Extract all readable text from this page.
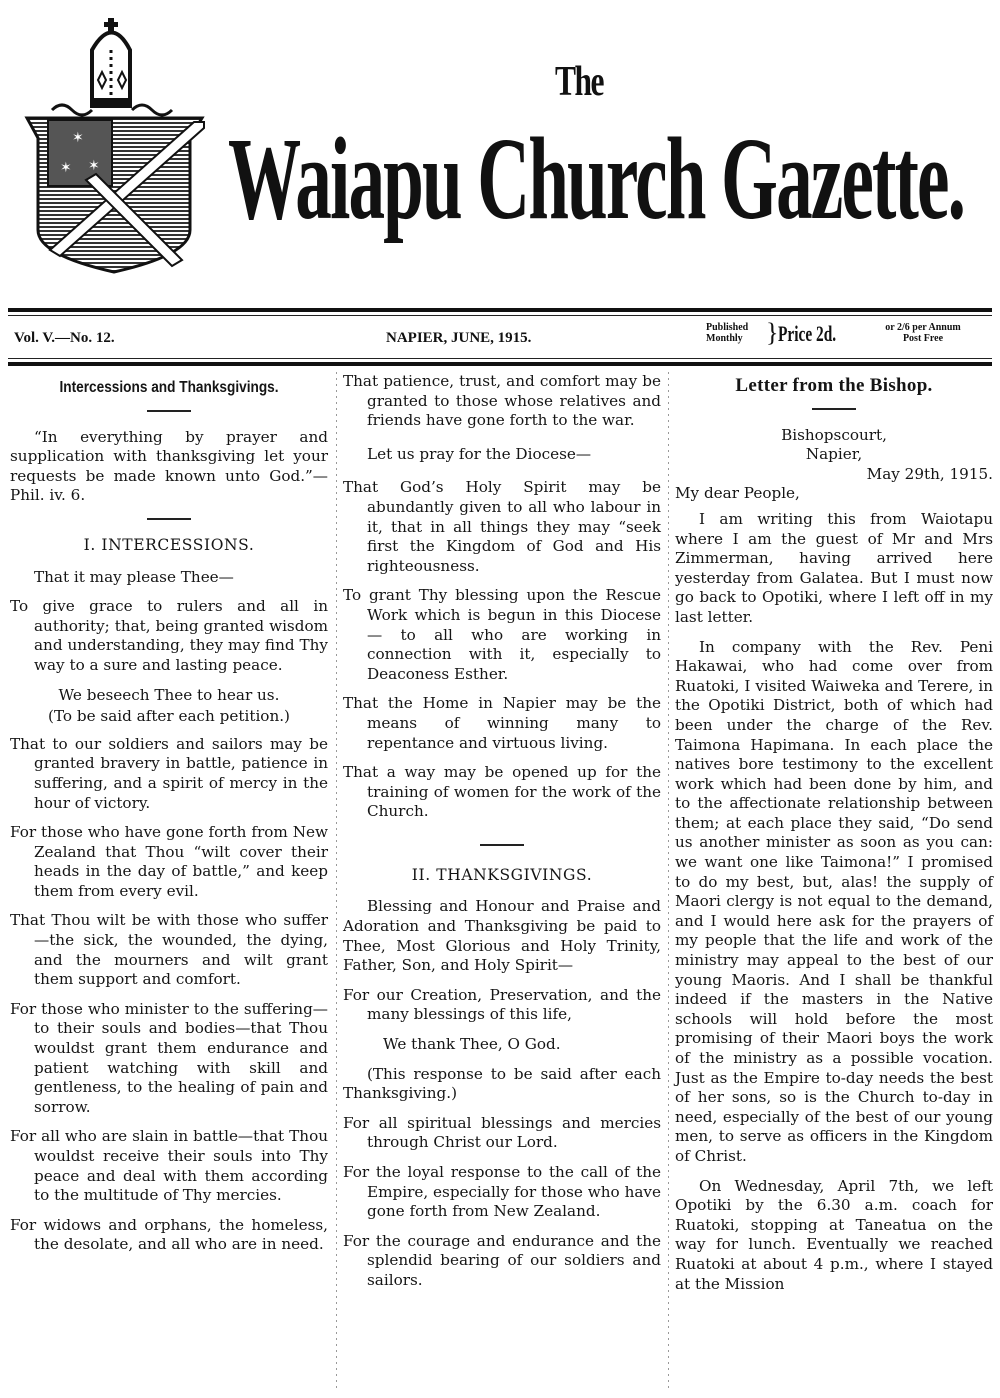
✶
✶ ✶
The
Waiapu Church Gazette.
Vol. V.—No. 12.	NAPIER, JUNE, 1915.
Published Monthly } Price 2d.	or 2/6 per Annum
Post Free
Intercessions and Thanksgivings.

“In everything by prayer and supplication with thanksgiving let your requests be made known unto God.”—Phil. iv. 6.

I. INTERCESSIONS.

That it may please Thee—

To give grace to rulers and all in authority; that, being granted wisdom and understanding, they may find Thy way to a sure and lasting peace.

We beseech Thee to hear us.

(To be said after each petition.)

That to our soldiers and sailors may be granted bravery in battle, patience in suffering, and a spirit of mercy in the hour of victory.

For those who have gone forth from New Zealand that Thou “wilt cover their heads in the day of battle,” and keep them from every evil.

That Thou wilt be with those who suffer—the sick, the wounded, the dying, and the mourners and wilt grant them support and comfort.

For those who minister to the suffering—to their souls and bodies—that Thou wouldst grant them endurance and patient watching with skill and gentleness, to the healing of pain and sorrow.

For all who are slain in battle—that Thou wouldst receive their souls into Thy peace and deal with them according to the multitude of Thy mercies.

For widows and orphans, the homeless, the desolate, and all who are in need.

That patience, trust, and comfort may be granted to those whose relatives and friends have gone forth to the war.

Let us pray for the Diocese—

That God’s Holy Spirit may be abundantly given to all who labour in it, that in all things they may “seek first the Kingdom of God and His righteousness.

To grant Thy blessing upon the Rescue Work which is begun in this Diocese — to all who are working in connection with it, especially to Deaconess Esther.

That the Home in Napier may be the means of winning many to repentance and virtuous living.

That a way may be opened up for the training of women for the work of the Church.

II. THANKSGIVINGS.

Blessing and Honour and Praise and Adoration and Thanksgiving be paid to Thee, Most Glorious and Holy Trinity, Father, Son, and Holy Spirit—

For our Creation, Preservation, and the many blessings of this life,

We thank Thee, O God.

(This response to be said after each Thanksgiving.)

For all spiritual blessings and mercies through Christ our Lord.

For the loyal response to the call of the Empire, especially for those who have gone forth from New Zealand.

For the courage and endurance and the splendid bearing of our soldiers and sailors.

Letter from the Bishop.

Bishopscourt,

Napier,

May 29th, 1915.

My dear People,

I am writing this from Waiotapu where I am the guest of Mr and Mrs Zimmerman, having arrived here yesterday from Galatea. But I must now go back to Opotiki, where I left off in my last letter.

In company with the Rev. Peni Hakawai, who had come over from Ruatoki, I visited Waiweka and Terere, in the Opotiki District, both of which had been under the charge of the Rev. Taimona Hapimana. In each place the natives bore testimony to the excellent work which had been done by him, and to the affectionate relationship between them; at each place they said, “Do send us another minister as soon as you can: we want one like Taimona!” I promised to do my best, but, alas! the supply of Maori clergy is not equal to the demand, and I would here ask for the prayers of my people that the life and work of the ministry may appeal to the best of our young Maoris. And I shall be thankful indeed if the masters in the Native schools will hold before the most promising of their Maori boys the work of the ministry as a possible vocation. Just as the Empire to-day needs the best of her sons, so is the Church to-day in need, especially of the best of our young men, to serve as officers in the Kingdom of Christ.

On Wednesday, April 7th, we left Opotiki by the 6.30 a.m. coach for Ruatoki, stopping at Taneatua on the way for lunch. Eventually we reached Ruatoki at about 4 p.m., where I stayed at the Mission
